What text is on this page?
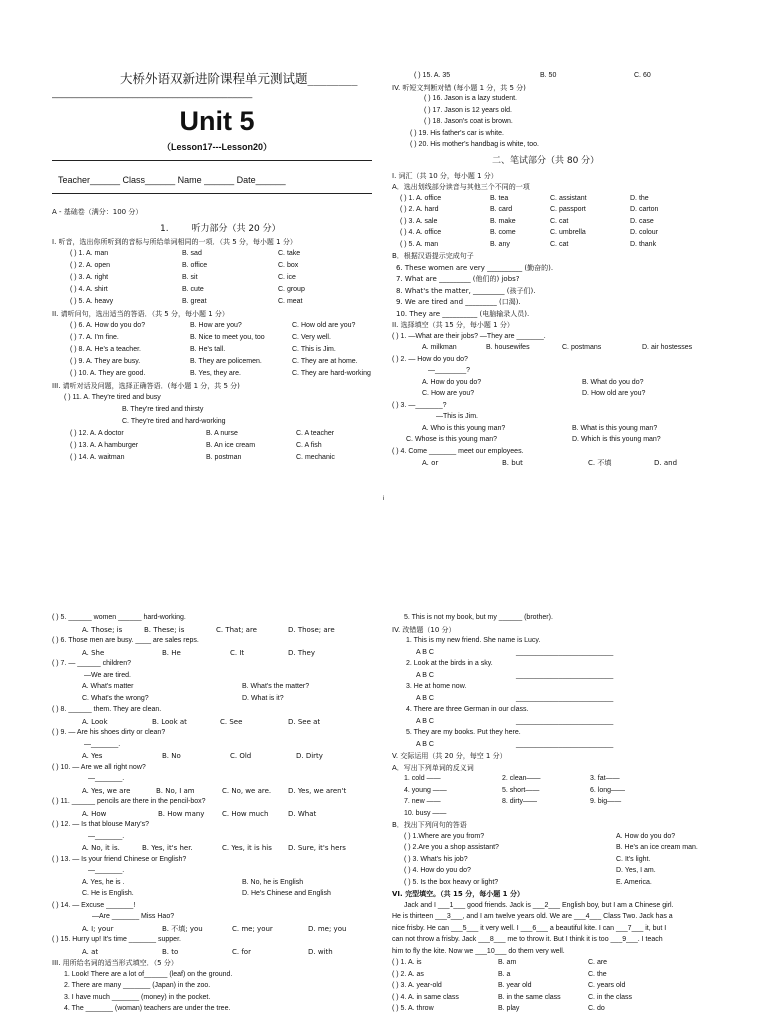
大桥外语双新进阶课程单元测试题________
________________________________________
Unit 5
（Lesson17---Lesson20）
Teacher______ Class______ Name ______ Date______
A - 基础卷（满分：100 分）
1.	听力部分（共 20 分）
I. 听音，选出你所听到的音标与所给单词相同的一项．（共 5 分，每小题 1 分）
( ) 1. A. man	B. sad	C. take
( ) 2. A. open	B. office	C. box
( ) 3. A. right	B. sit	C. ice
( ) 4. A. shirt	B. cute	C. group
( ) 5. A. heavy	B. great	C. meat
II. 请听问句，选出适当的答语．（共 5 分，每小题 1 分）
( ) 6. A. How do you do?	B. How are you?	C. How old are you?
( ) 7. A. I'm fine.	B. Nice to meet you, too	C. Very well.
( ) 8. A. He's a teacher.	B. He's tall.	C. This is Jim.
( ) 9. A. They are busy.	B. They are policemen.	C. They are at home.
( ) 10. A. They are good.	B. Yes, they are.	C. They are hard-working
III. 请听对话及问题，选择正确答语．(每小题 1 分，共 5 分)
( ) 11. A. They're tired and busy
B. They're tired and thirsty
C. They're tired and hard-working
( ) 12. A. A doctor	B. A nurse	C. A teacher
( ) 13. A. A hamburger	B. An ice cream	C. A fish
( ) 14. A. waitman	B. postman	C. mechanic
( ) 15. A. 35	B. 50	C. 60
IV. 听短文判断对错 (每小题 1 分，共 5 分)
( ) 16. Jason is a lazy student.
( ) 17. Jason is 12 years old.
( ) 18. Jason's coat is brown.
( ) 19. His father's car is white.
( ) 20. His mother's handbag is white, too.
二、笔试部分（共 80 分）
I. 词汇（共 10 分，每小题 1 分）
A．选出划线部分读音与其他三个不同的一项
( ) 1. A. office	B. tea	C. assistant	D. the
( ) 2. A. hard	B. card	C. passport	D. carton
( ) 3. A. sale	B. make	C. cat	D. case
( ) 4. A. office	B. come	C. umbrella	D. colour
( ) 5. A. man	B. any	C. cat	D. thank
B．根据汉语提示完成句子
6. These women are very __________ (勤奋的).
7. What are _________ (他们的) jobs?
8. What's the matter, _________ (孩子们).
9. We are tired and _________ (口渴).
10. They are __________ (电脑输录人员).
II. 选择填空（共 15 分，每小题 1 分）
( ) 1. —What are their jobs? —They are _______.
A. milkman	B. housewifes	C. postmans	D. air hostesses
( ) 2. — How do you do?
—________?
A. How do you do?	B. What do you do?
C. How are you?	D. How old are you?
( ) 3. —_______?
—This is Jim.
A. Who is this young man?	B. What is this young man?
C. Whose is this young man?	D. Which is this young man?
( ) 4. Come _______ meet our employees.
A. or	B. but	C. 不填	D. and
i
( ) 5. ______ women ______ hard-working.
A. Those; is	B. These; is	C. That; are	D. Those; are
( ) 6. Those men are busy. ____ are sales reps.
A. She	B. He	C. It	D. They
( ) 7. — ______ children?
—We are tired.
A. What's matter	B. What's the matter?
C. What's the wrong?	D. What is it?
( ) 8. ______ them. They are clean.
A. Look	B. Look at	C. See	D. See at
( ) 9. — Are his shoes dirty or clean?
—_______.
A. Yes	B. No	C. Old	D. Dirty
( ) 10. — Are we all right now?
—_______.
A. Yes, we are	B. No, I am	C. No, we are. D. Yes, we aren't
( ) 11. ______ pencils are there in the pencil-box?
A. How	B. How many	C. How much	D. What
( ) 12. — Is that blouse Mary's?
—_______.
A. No, it is.	B. Yes, it's her.	C. Yes, it is his D. Sure, it's hers
( ) 13. — Is your friend Chinese or English?
—_______.
A. Yes, he is .	B. No, he is English
C. He is English.	D. He's Chinese and English
( ) 14. — Excuse _______!
—Are _______ Miss Hao?
A. I; your	B. 不填; you	C. me; your	D. me; you
( ) 15. Hurry up! It's time _______ supper.
A. at	B. to	C. for	D. with
III. 用所给名词的适当形式填空．（5 分）
1. Look! There are a lot of______ (leaf) on the ground.
2. There are many _______ (Japan) in the zoo.
3. I have much _______ (money) in the pocket.
4. The _______ (woman) teachers are under the tree.
5. This is not my book, but my ______ (brother).
IV. 改错题（10 分）
1. This is my new friend. She name is Lucy.
A B C	_________________________
2. Look at the birds in a sky.
A B C	_________________________
3. He at home now.
A B C	_________________________
4. There are three German in our class.
A B C	_________________________
5. They are my books. Put they here.
A B C	_________________________
V. 交际运用（共 20 分，每空 1 分）
A．写出下列单词的反义词
1. cold ——	2. clean——	3. fat——
4. young ——	5. short——	6. long——
7. new ——	8. dirty——	9. big——
10. busy ——
B．找出下列问句的答语
( ) 1.Where are you from?	A. How do you do?
( ) 2.Are you a shop assistant?	B. He's an ice cream man.
( ) 3. What's his job?	C. It's light.
( ) 4. How do you do?	D. Yes, I am.
( ) 5. Is the box heavy or light?	E. America.
VI. 完型填空。（共 15 分，每小题 1 分）
Jack and I ___1___ good friends. Jack is ___2___ English boy, but I am a Chinese girl.
He is thirteen ___3___, and I am twelve years old. We are ___4___ Class Two. Jack has a
nice frisby. He can ___5___ it very well. I ___6___ a beautiful kite. I can ___7___ it, but I
can not throw a frisby. Jack ___8___ me to throw it. But I think it is too ___9___. I teach
him to fly the kite. Now we ___10___ do them very well.
( ) 1. A. is	B. am	C. are
( ) 2. A. as	B. a	C. the
( ) 3. A. year-old	B. year old	C. years old
( ) 4. A. in same class	B. in the same class	C. in the class
( ) 5. A. throw	B. play	C. do
